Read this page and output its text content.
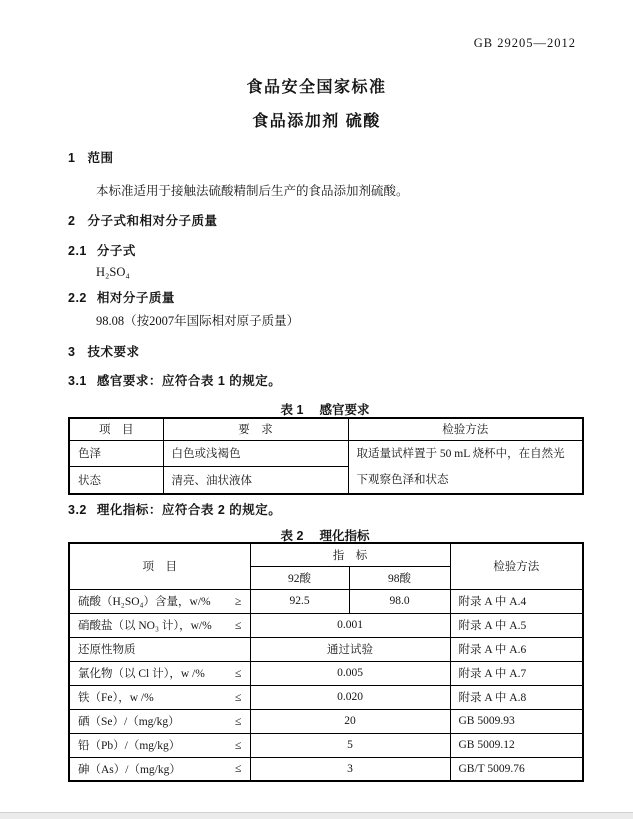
GB 29205—2012
食品安全国家标准
食品添加剂 硫酸
1 范围
本标准适用于接触法硫酸精制后生产的食品添加剂硫酸。
2 分子式和相对分子质量
2.1 分子式
H₂SO₄
2.2 相对分子质量
98.08（按2007年国际相对原子质量）
3 技术要求
3.1 感官要求：应符合表 1 的规定。
表 1 感官要求
项　目	要　求	检验方法
色泽	白色或浅褐色	取适量试样置于 50 mL 烧杯中，在自然光下观察色泽和状态
状态	清亮、油状液体	
3.2 理化指标：应符合表 2 的规定。
表 2 理化指标
项　目	指　标		检验方法
	92酸	98酸	

硫酸（H₂SO₄）含量，w/% ≥	92.5	98.0	附录 A 中 A.4

硝酸盐（以 NO₃ 计），w/% ≤	0.001		附录 A 中 A.5

还原性物质	通过试验		附录 A 中 A.6

氯化物（以 Cl 计），w /% ≤	0.005		附录 A 中 A.7

铁（Fe），w /% ≤	0.020		附录 A 中 A.8

硒（Se）/（mg/kg） ≤	20		GB 5009.93

铅（Pb）/（mg/kg） ≤	5		GB 5009.12

砷（As）/（mg/kg） ≤	3		GB/T 5009.76
